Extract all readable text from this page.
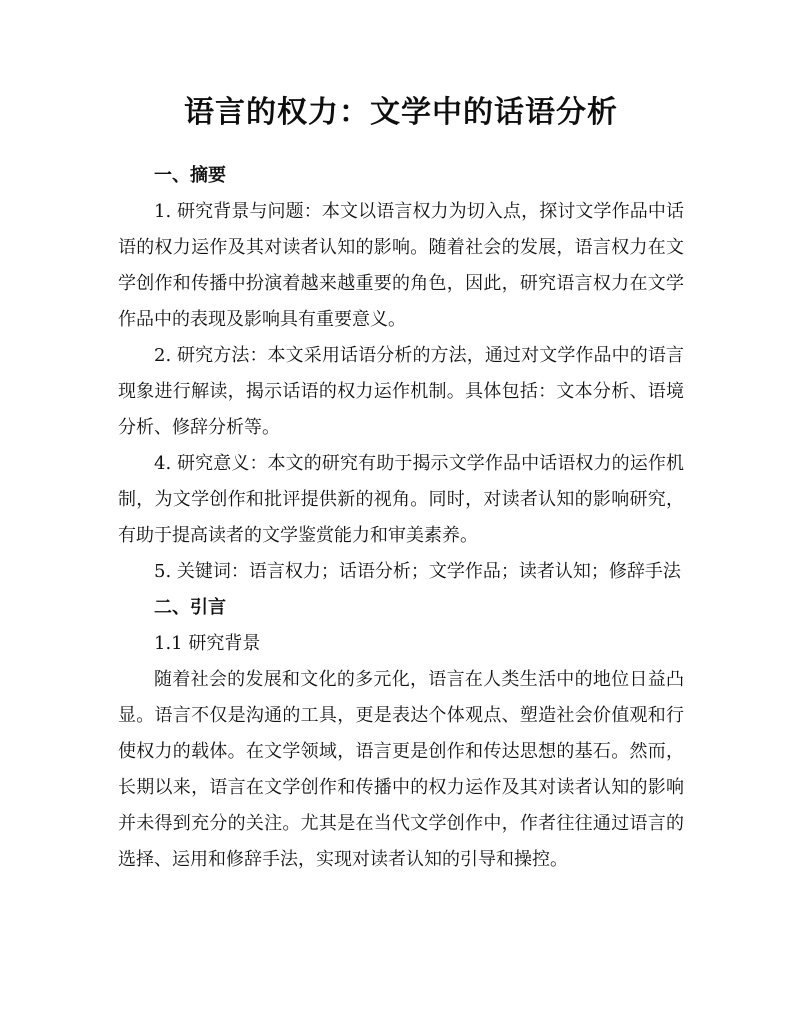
语言的权力：文学中的话语分析
一、摘要

1. 研究背景与问题：本文以语言权力为切入点，探讨文学作品中话语的权力运作及其对读者认知的影响。随着社会的发展，语言权力在文学创作和传播中扮演着越来越重要的角色，因此，研究语言权力在文学作品中的表现及影响具有重要意义。

2. 研究方法：本文采用话语分析的方法，通过对文学作品中的语言现象进行解读，揭示话语的权力运作机制。具体包括：文本分析、语境分析、修辞分析等。

4. 研究意义：本文的研究有助于揭示文学作品中话语权力的运作机制，为文学创作和批评提供新的视角。同时，对读者认知的影响研究，有助于提高读者的文学鉴赏能力和审美素养。

5. 关键词：语言权力；话语分析；文学作品；读者认知；修辞手法

二、引言
1.1 研究背景

随着社会的发展和文化的多元化，语言在人类生活中的地位日益凸显。语言不仅是沟通的工具，更是表达个体观点、塑造社会价值观和行使权力的载体。在文学领域，语言更是创作和传达思想的基石。然而，长期以来，语言在文学创作和传播中的权力运作及其对读者认知的影响并未得到充分的关注。尤其是在当代文学创作中，作者往往通过语言的选择、运用和修辞手法，实现对读者认知的引导和操控。
